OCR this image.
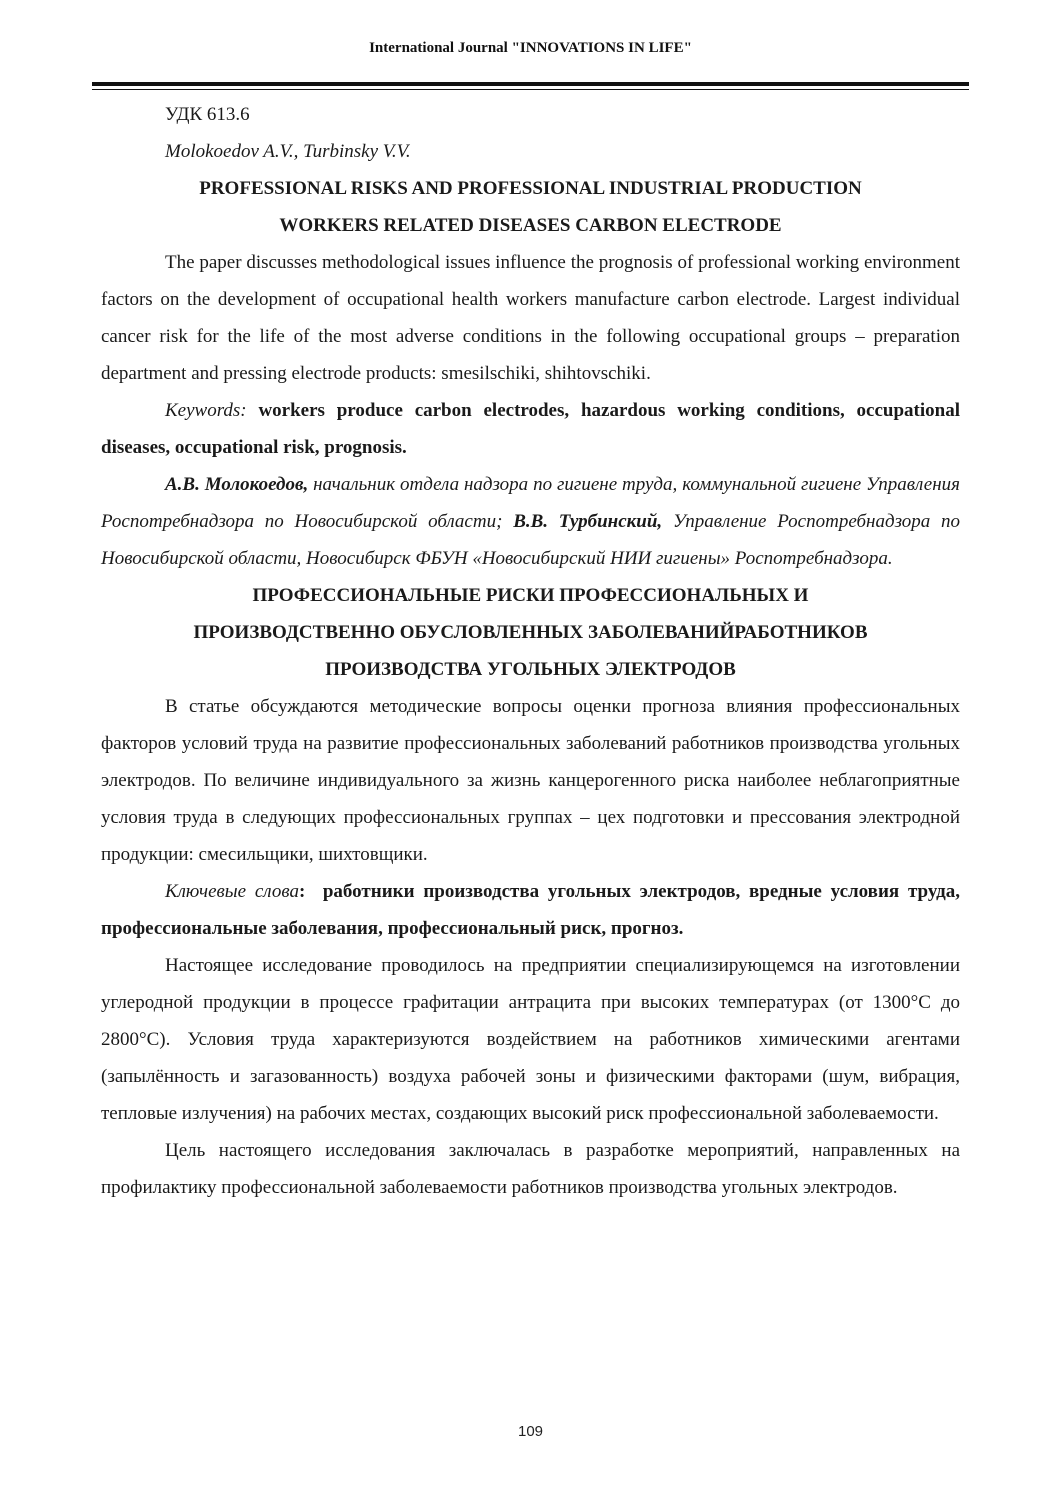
International Journal "INNOVATIONS IN LIFE"

УДК 613.6

Molokoedov A.V., Turbinsky V.V.

PROFESSIONAL RISKS AND PROFESSIONAL INDUSTRIAL PRODUCTION

WORKERS RELATED DISEASES CARBON ELECTRODE

The paper discusses methodological issues influence the prognosis of professional working environment factors on the development of occupational health workers manufacture carbon electrode. Largest individual cancer risk for the life of the most adverse conditions in the following occupational groups – preparation department and pressing electrode products: smesilschiki, shihtovschiki.

Keywords: workers produce carbon electrodes, hazardous working conditions, occupational diseases, occupational risk, prognosis.

А.В. Молокоедов, начальник отдела надзора по гигиене труда, коммунальной гигиене Управления Роспотребнадзора по Новосибирской области; В.В. Турбинский, Управление Роспотребнадзора по Новосибирской области, Новосибирск ФБУН «Новосибирский НИИ гигиены» Роспотребнадзора.

ПРОФЕССИОНАЛЬНЫЕ РИСКИ ПРОФЕССИОНАЛЬНЫХ И

ПРОИЗВОДСТВЕННО ОБУСЛОВЛЕННЫХ ЗАБОЛЕВАНИЙРАБОТНИКОВ

ПРОИЗВОДСТВА УГОЛЬНЫХ ЭЛЕКТРОДОВ

В статье обсуждаются методические вопросы оценки прогноза влияния профессиональных факторов условий труда на развитие профессиональных заболеваний работников производства угольных электродов. По величине индивидуального за жизнь канцерогенного риска наиболее неблагоприятные условия труда в следующих профессиональных группах – цех подготовки и прессования электродной продукции: смесильщики, шихтовщики.

Ключевые слова: работники производства угольных электродов, вредные условия труда, профессиональные заболевания, профессиональный риск, прогноз.

Настоящее исследование проводилось на предприятии специализирующемся на изготовлении углеродной продукции в процессе графитации антрацита при высоких температурах (от 1300°С до 2800°С). Условия труда характеризуются воздействием на работников химическими агентами (запылённость и загазованность) воздуха рабочей зоны и физическими факторами (шум, вибрация, тепловые излучения) на рабочих местах, создающих высокий риск профессиональной заболеваемости.

Цель настоящего исследования заключалась в разработке мероприятий, направленных на профилактику профессиональной заболеваемости работников производства угольных электродов.

109
